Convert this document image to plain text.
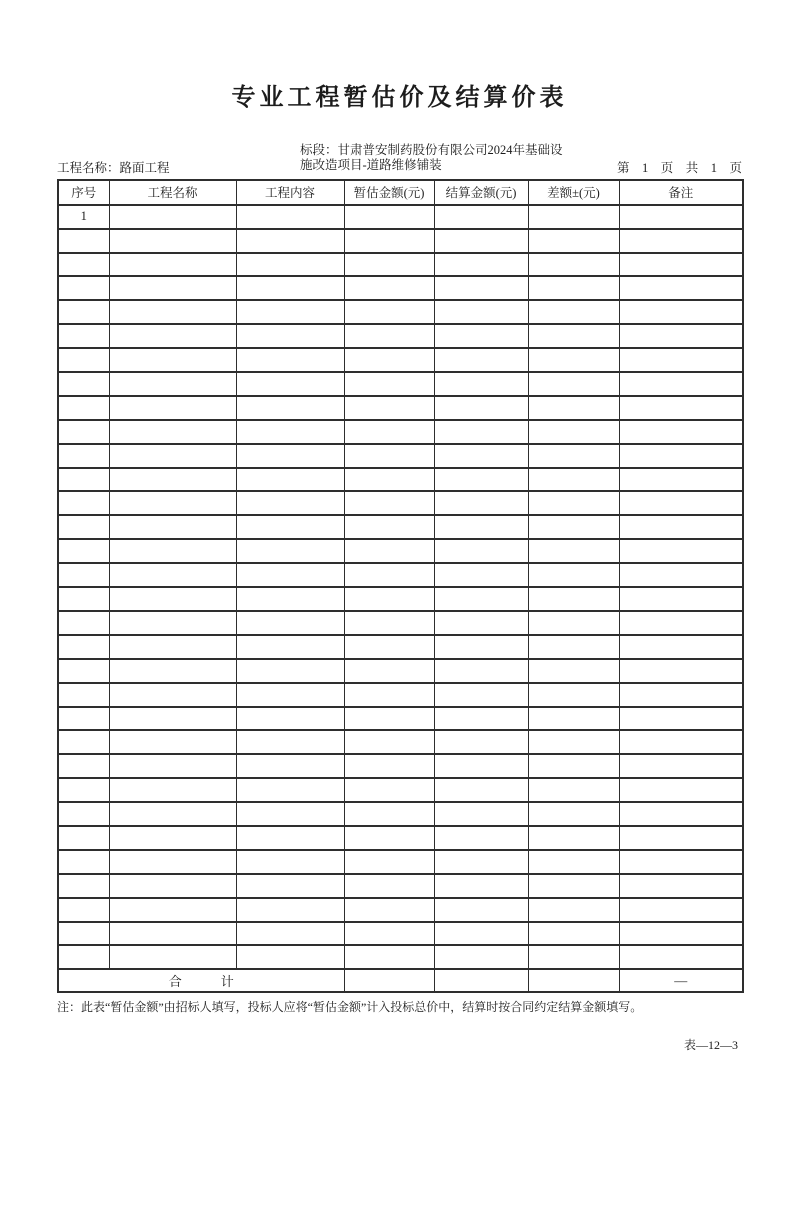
专业工程暂估价及结算价表
工程名称：路面工程
标段：甘肃普安制药股份有限公司2024年基础设
施改造项目-道路维修铺装	第　1　页　共　1　页
序号	工程名称	工程内容	暂估金额(元)	结算金额(元)	差额±(元)	备注
1						

合　　　计						—
注：此表“暂估金额”由招标人填写，投标人应将“暂估金额”计入投标总价中，结算时按合同约定结算金额填写。
表—12—3
